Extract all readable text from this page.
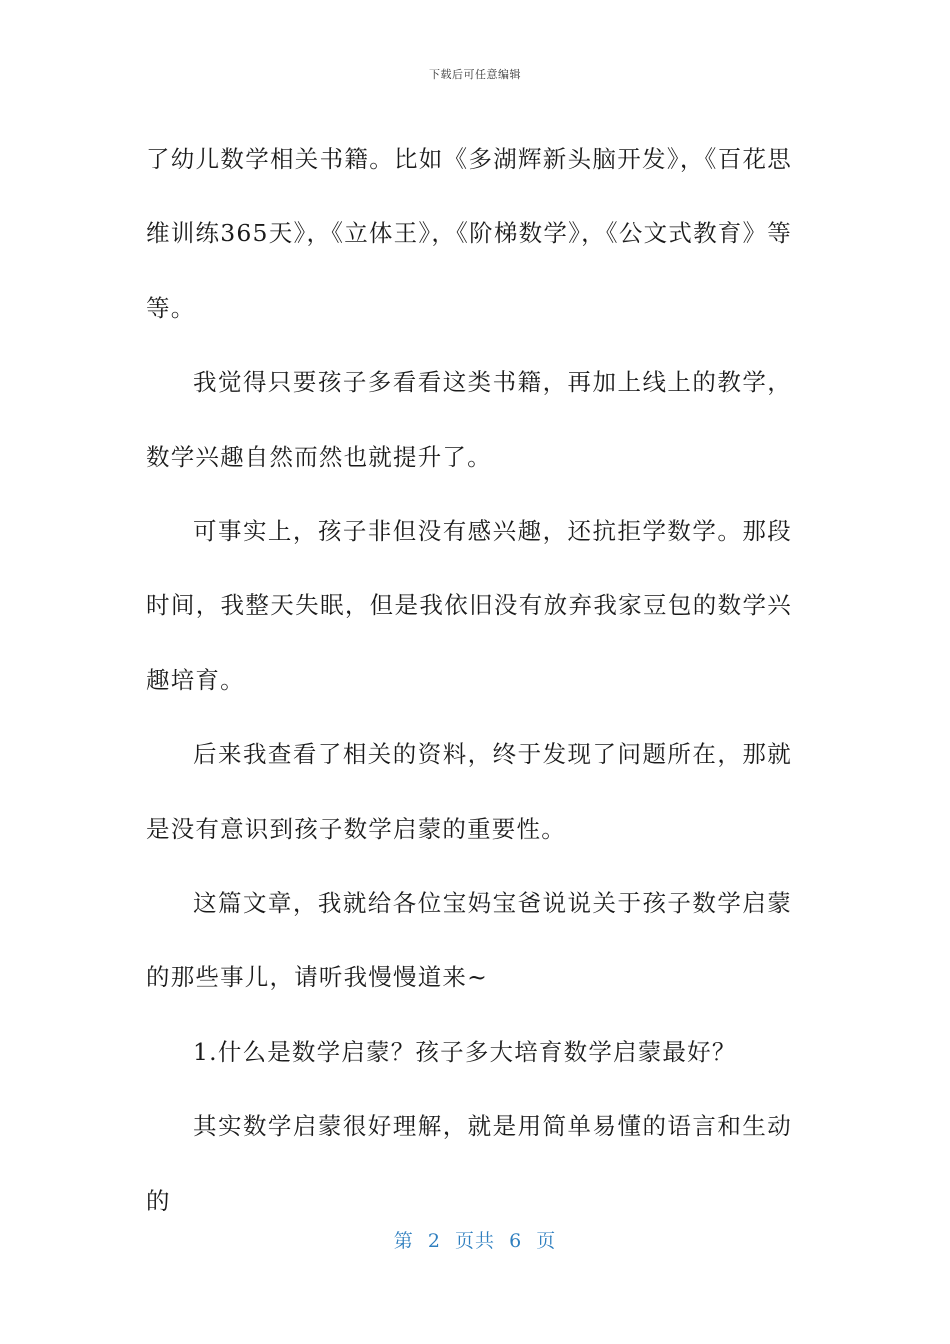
下载后可任意编辑

了幼儿数学相关书籍。比如《多湖辉新头脑开发》，《百花思维训练365天》，《立体王》，《阶梯数学》，《公文式教育》等等。

我觉得只要孩子多看看这类书籍，再加上线上的教学，数学兴趣自然而然也就提升了。

可事实上，孩子非但没有感兴趣，还抗拒学数学。那段时间，我整天失眠，但是我依旧没有放弃我家豆包的数学兴趣培育。

后来我查看了相关的资料，终于发现了问题所在，那就是没有意识到孩子数学启蒙的重要性。

这篇文章，我就给各位宝妈宝爸说说关于孩子数学启蒙的那些事儿，请听我慢慢道来~

1.什么是数学启蒙？孩子多大培育数学启蒙最好？

其实数学启蒙很好理解，就是用简单易懂的语言和生动的

第  2  页共  6  页
